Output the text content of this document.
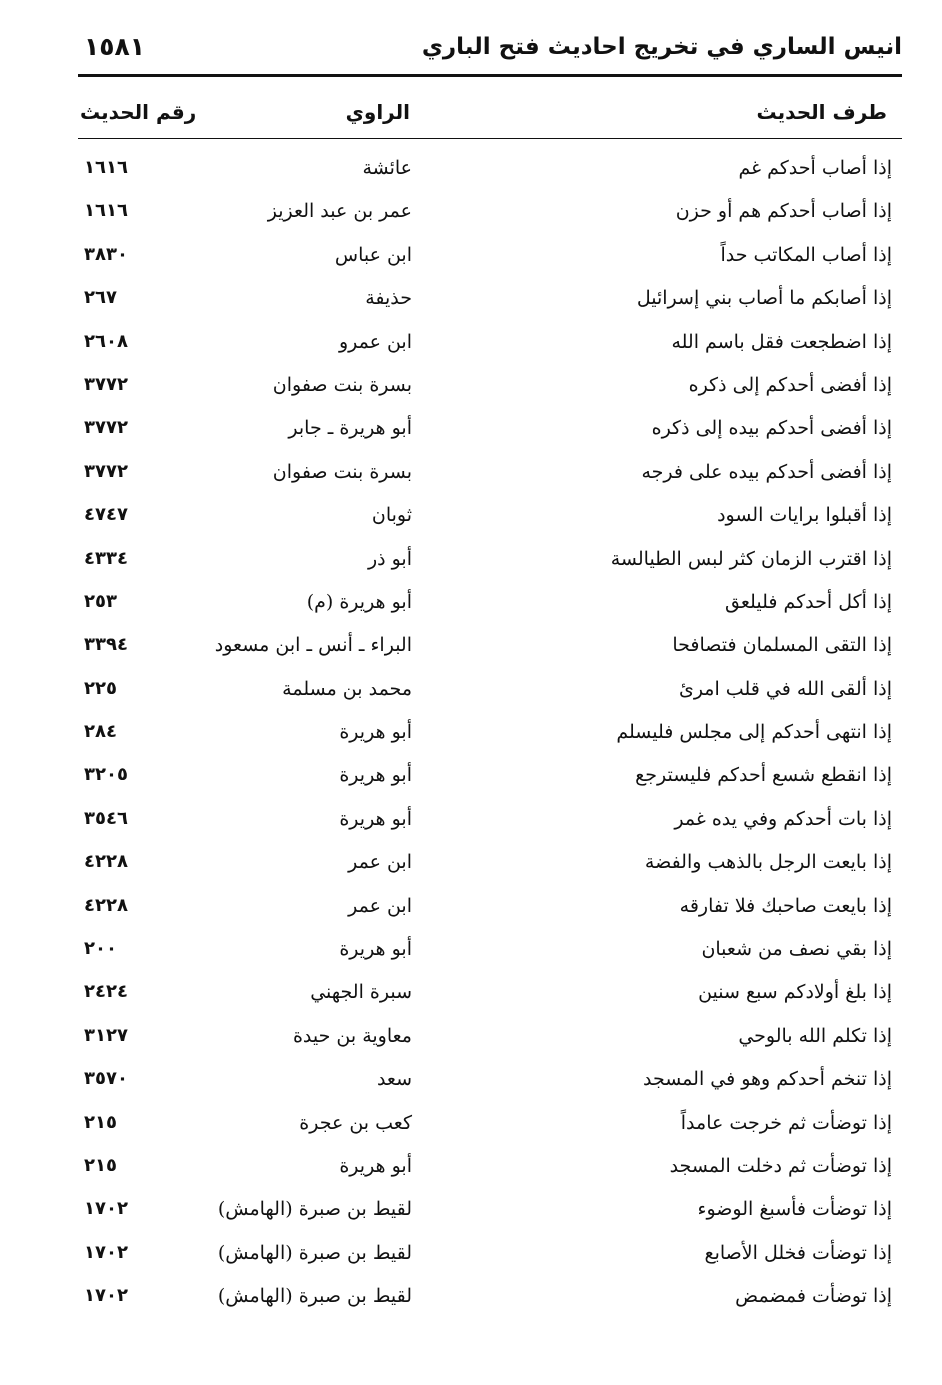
انيس الساري في تخريج احاديث فتح الباري
١٥٨١
طرف الحديث
الراوي
رقم الحديث
إذا أصاب أحدكم غم
عائشة
١٦١٦
إذا أصاب أحدكم هم أو حزن
عمر بن عبد العزيز
١٦١٦
إذا أصاب المكاتب حداً
ابن عباس
٣٨٣٠
إذا أصابكم ما أصاب بني إسرائيل
حذيفة
٢٦٧
إذا اضطجعت فقل باسم الله
ابن عمرو
٢٦٠٨
إذا أفضى أحدكم إلى ذكره
بسرة بنت صفوان
٣٧٧٢
إذا أفضى أحدكم بيده إلى ذكره
أبو هريرة ـ جابر
٣٧٧٢
إذا أفضى أحدكم بيده على فرجه
بسرة بنت صفوان
٣٧٧٢
إذا أقبلوا برايات السود
ثوبان
٤٧٤٧
إذا اقترب الزمان كثر لبس الطيالسة
أبو ذر
٤٣٣٤
إذا أكل أحدكم فليلعق
أبو هريرة (م)
٢٥٣
إذا التقى المسلمان فتصافحا
البراء ـ أنس ـ ابن مسعود
٣٣٩٤
إذا ألقى الله في قلب امرئ
محمد بن مسلمة
٢٢٥
إذا انتهى أحدكم إلى مجلس فليسلم
أبو هريرة
٢٨٤
إذا انقطع شسع أحدكم فليسترجع
أبو هريرة
٣٢٠٥
إذا بات أحدكم وفي يده غمر
أبو هريرة
٣٥٤٦
إذا بايعت الرجل بالذهب والفضة
ابن عمر
٤٢٢٨
إذا بايعت صاحبك فلا تفارقه
ابن عمر
٤٢٢٨
إذا بقي نصف من شعبان
أبو هريرة
٢٠٠
إذا بلغ أولادكم سبع سنين
سبرة الجهني
٢٤٢٤
إذا تكلم الله بالوحي
معاوية بن حيدة
٣١٢٧
إذا تنخم أحدكم وهو في المسجد
سعد
٣٥٧٠
إذا توضأت ثم خرجت عامداً
كعب بن عجرة
٢١٥
إذا توضأت ثم دخلت المسجد
أبو هريرة
٢١٥
إذا توضأت فأسبغ الوضوء
لقيط بن صبرة (الهامش)
١٧٠٢
إذا توضأت فخلل الأصابع
لقيط بن صبرة (الهامش)
١٧٠٢
إذا توضأت فمضمض
لقيط بن صبرة (الهامش)
١٧٠٢
